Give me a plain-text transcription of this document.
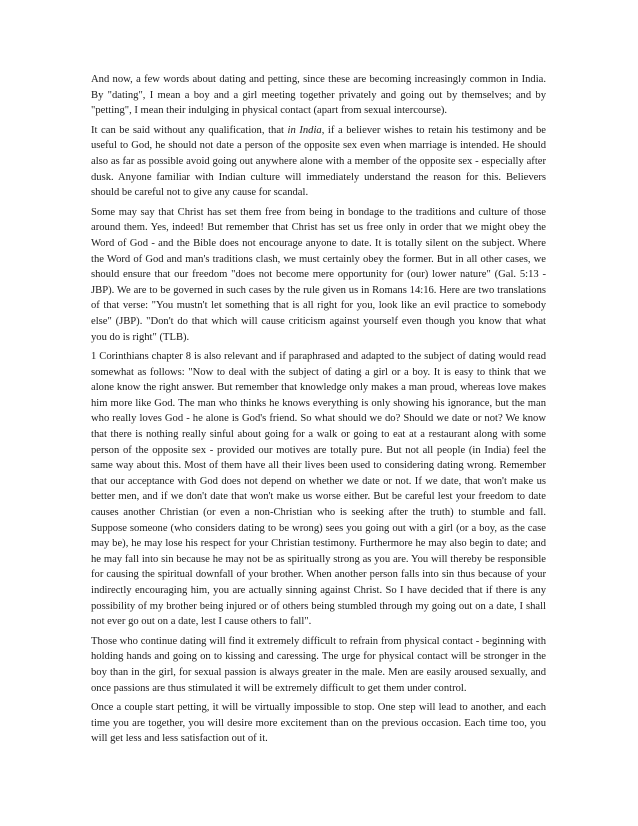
And now, a few words about dating and petting, since these are becoming increasingly common in India. By "dating", I mean a boy and a girl meeting together privately and going out by themselves; and by "petting", I mean their indulging in physical contact (apart from sexual intercourse).

It can be said without any qualification, that in India, if a believer wishes to retain his testimony and be useful to God, he should not date a person of the opposite sex even when marriage is intended. He should also as far as possible avoid going out anywhere alone with a member of the opposite sex - especially after dusk. Anyone familiar with Indian culture will immediately understand the reason for this. Believers should be careful not to give any cause for scandal.

Some may say that Christ has set them free from being in bondage to the traditions and culture of those around them. Yes, indeed! But remember that Christ has set us free only in order that we might obey the Word of God - and the Bible does not encourage anyone to date. It is totally silent on the subject. Where the Word of God and man's traditions clash, we must certainly obey the former. But in all other cases, we should ensure that our freedom "does not become mere opportunity for (our) lower nature" (Gal. 5:13 - JBP). We are to be governed in such cases by the rule given us in Romans 14:16. Here are two translations of that verse: "You mustn't let something that is all right for you, look like an evil practice to somebody else" (JBP). "Don't do that which will cause criticism against yourself even though you know that what you do is right" (TLB).

1 Corinthians chapter 8 is also relevant and if paraphrased and adapted to the subject of dating would read somewhat as follows: "Now to deal with the subject of dating a girl or a boy. It is easy to think that we alone know the right answer. But remember that knowledge only makes a man proud, whereas love makes him more like God. The man who thinks he knows everything is only showing his ignorance, but the man who really loves God - he alone is God's friend. So what should we do? Should we date or not? We know that there is nothing really sinful about going for a walk or going to eat at a restaurant along with some person of the opposite sex - provided our motives are totally pure. But not all people (in India) feel the same way about this. Most of them have all their lives been used to considering dating wrong. Remember that our acceptance with God does not depend on whether we date or not. If we date, that won't make us better men, and if we don't date that won't make us worse either. But be careful lest your freedom to date causes another Christian (or even a non-Christian who is seeking after the truth) to stumble and fall. Suppose someone (who considers dating to be wrong) sees you going out with a girl (or a boy, as the case may be), he may lose his respect for your Christian testimony. Furthermore he may also begin to date; and he may fall into sin because he may not be as spiritually strong as you are. You will thereby be responsible for causing the spiritual downfall of your brother. When another person falls into sin thus because of your indirectly encouraging him, you are actually sinning against Christ. So I have decided that if there is any possibility of my brother being injured or of others being stumbled through my going out on a date, I shall not ever go out on a date, lest I cause others to fall".

Those who continue dating will find it extremely difficult to refrain from physical contact - beginning with holding hands and going on to kissing and caressing. The urge for physical contact will be stronger in the boy than in the girl, for sexual passion is always greater in the male. Men are easily aroused sexually, and once passions are thus stimulated it will be extremely difficult to get them under control.

Once a couple start petting, it will be virtually impossible to stop. One step will lead to another, and each time you are together, you will desire more excitement than on the previous occasion. Each time too, you will get less and less satisfaction out of it.
